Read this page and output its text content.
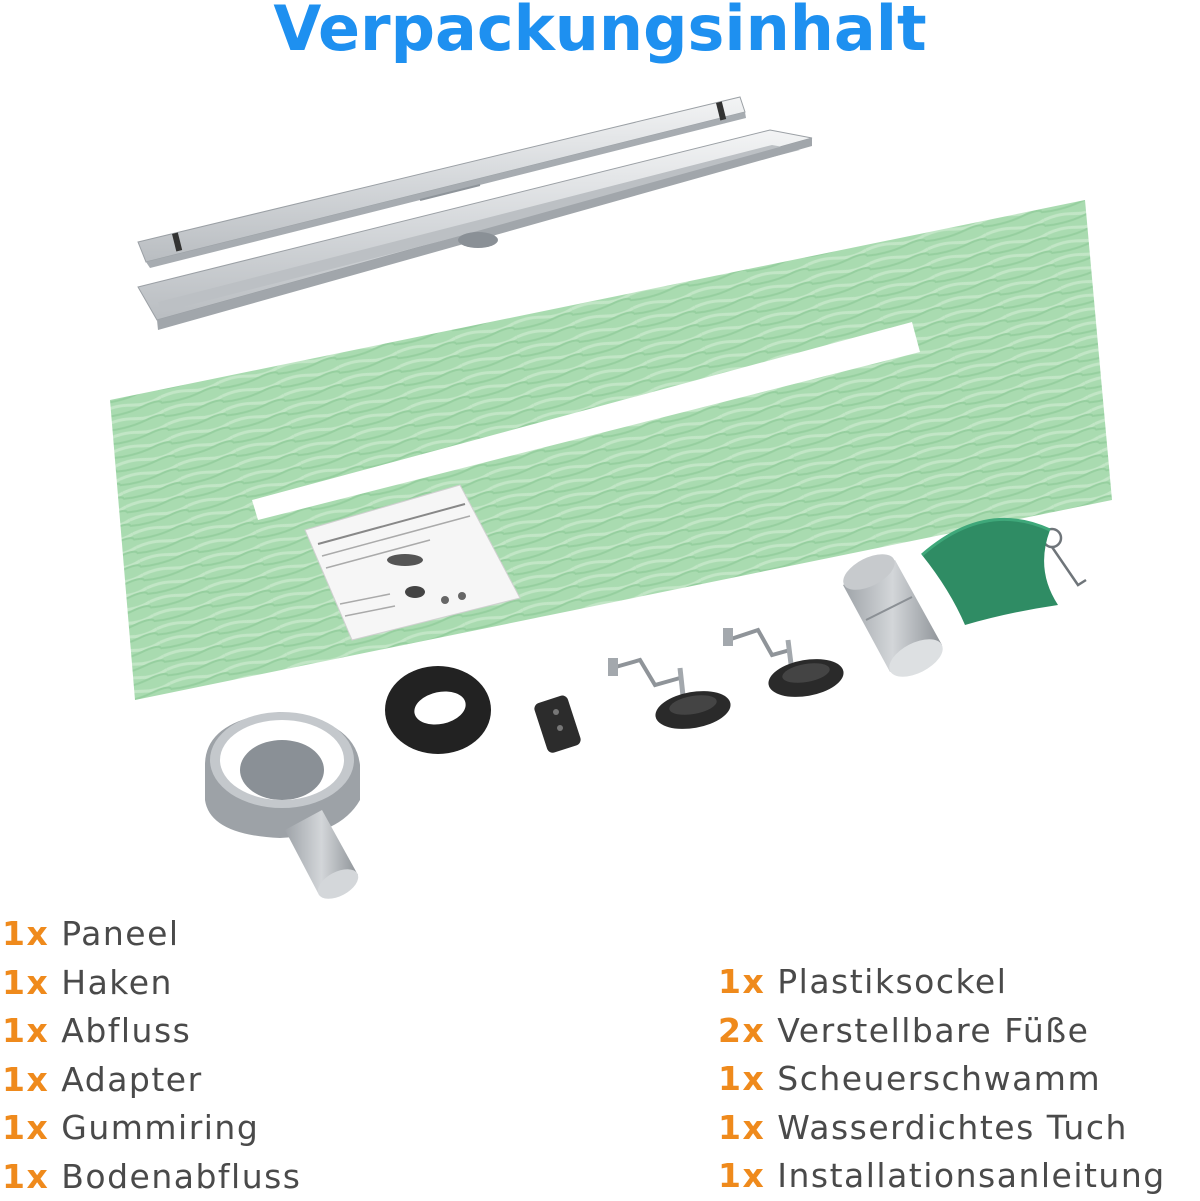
Verpackungsinhalt
1x Paneel
1x Haken
1x Abfluss
1x Adapter
1x Gummiring
1x Bodenabfluss
1x Plastiksockel
2x Verstellbare Füße
1x Scheuerschwamm
1x Wasserdichtes Tuch
1x Installationsanleitung
